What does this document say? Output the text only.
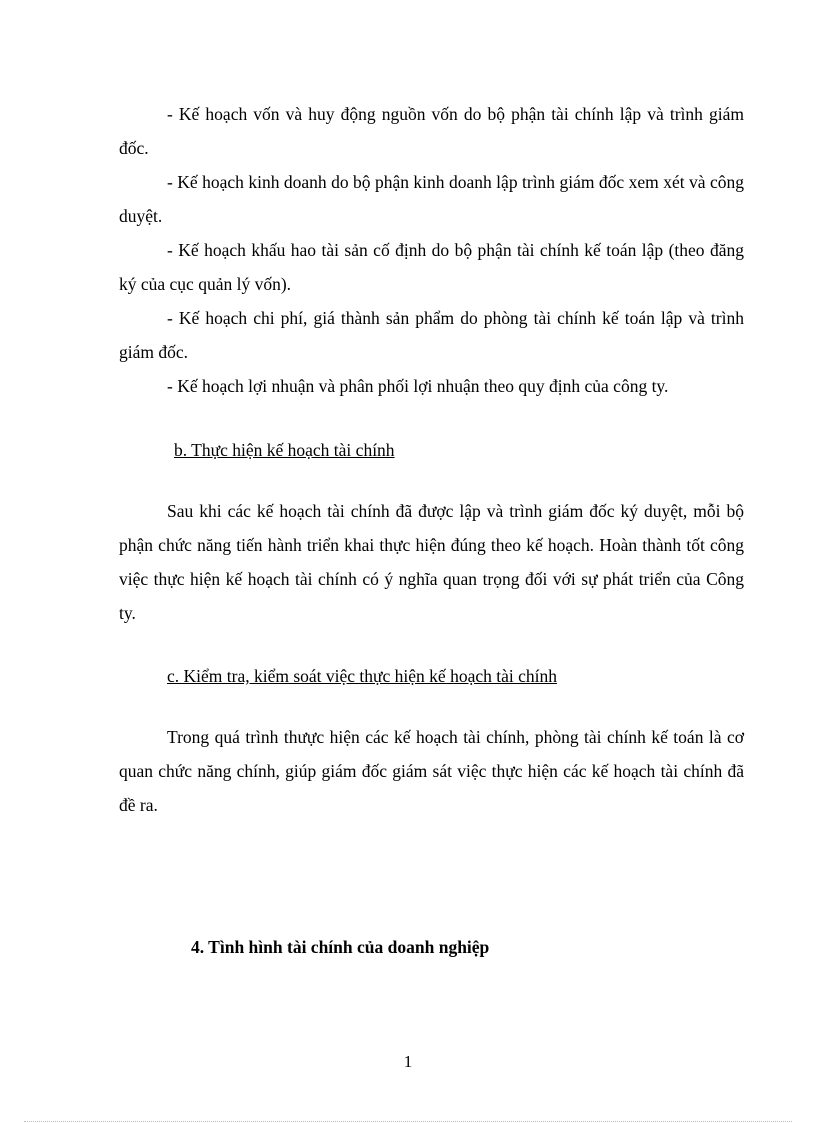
- Kế hoạch vốn và huy động nguồn vốn do bộ phận tài chính lập và trình giám đốc.

- Kế hoạch kinh doanh do bộ phận kinh doanh lập trình giám đốc xem xét và công duyệt.

- Kế hoạch khấu hao tài sản cố định do bộ phận tài chính kế toán lập (theo đăng ký của cục quản lý vốn).

- Kế hoạch chi phí, giá thành sản phẩm do phòng tài chính kế toán lập và trình giám đốc.

- Kế hoạch lợi nhuận và phân phối lợi nhuận theo quy định của công ty.

b. Thực hiện kế hoạch tài chính

Sau khi các kế hoạch tài chính đã được lập và trình giám đốc ký duyệt, mỗi bộ phận chức năng tiến hành triển khai thực hiện đúng theo kế hoạch. Hoàn thành tốt công việc thực hiện kế hoạch tài chính có ý nghĩa quan trọng đối với sự phát triển của Công ty.

c. Kiểm tra, kiểm soát việc thực hiện kế hoạch tài chính

Trong quá trình thưực hiện các kế hoạch tài chính, phòng tài chính kế toán là cơ quan chức năng chính, giúp giám đốc giám sát việc thực hiện các kế hoạch tài chính đã đề ra.

4. Tình hình tài chính của doanh nghiệp
1
